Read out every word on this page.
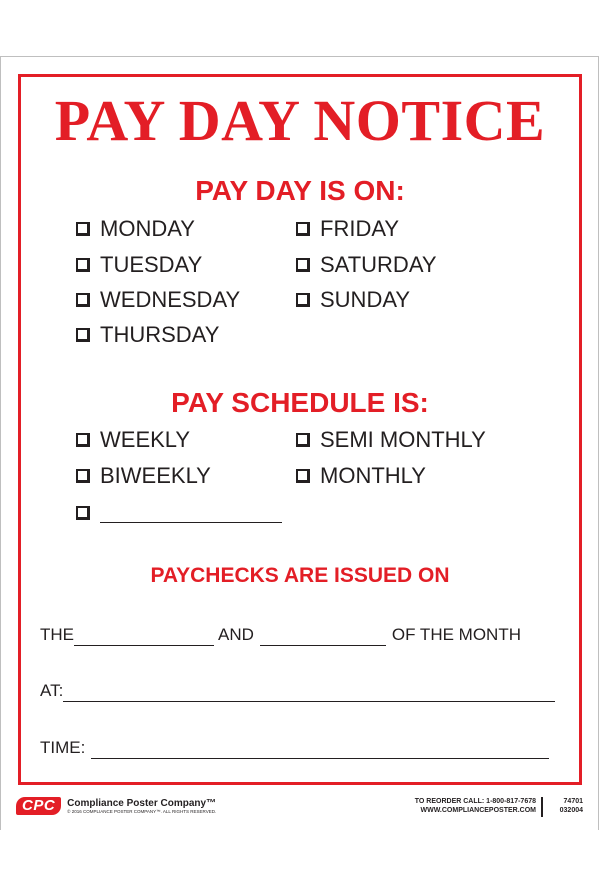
PAY DAY NOTICE
PAY DAY IS ON:
MONDAY
TUESDAY
WEDNESDAY
THURSDAY
FRIDAY
SATURDAY
SUNDAY
PAY SCHEDULE IS:
WEEKLY
BIWEEKLY
SEMI MONTHLY
MONTHLY
PAYCHECKS ARE ISSUED ON
THE	AND	OF THE MONTH
AT:
TIME:
CPC	Compliance Poster Company™
© 2016 COMPLIANCE POSTER COMPANY™. ALL RIGHTS RESERVED.
TO REORDER CALL: 1-800-817-7678
WWW.COMPLIANCEPOSTER.COM
74701
032004
